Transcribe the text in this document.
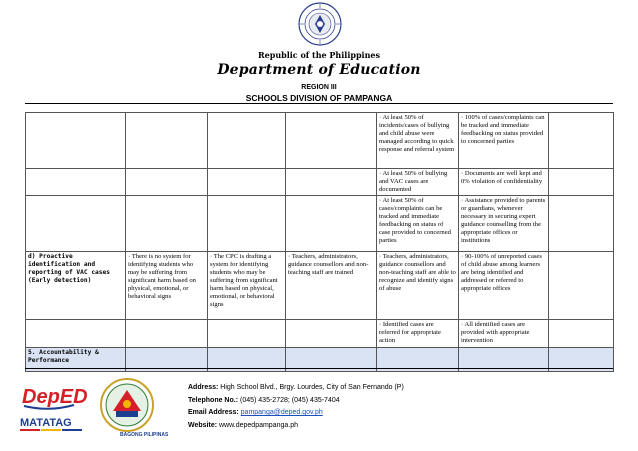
Republic of the Philippines
Department of Education
REGION III
SCHOOLS DIVISION OF PAMPANGA
				· At least 50% of incidents/cases of bullying and child abuse were managed according to quick response and referral system	· 100% of cases/complaints can be tracked and immediate feedbacking on status provided to concerned parties	
				· At least 50% of bullying and VAC cases are documented	· Documents are well kept and 0% violation of confidentiality	
				· At least 50% of cases/complaints can be tracked and immediate feedbacking on status of case provided to concerned parties	· Assistance provided to parents or guardians, whenever necessary in securing expert guidance counselling from the appropriate offices or institutions	
d) Proactive identification and reporting of VAC cases (Early detection)	· There is no system for identifying students who may be suffering from significant harm based on physical, emotional, or behavioral signs	· The CPC is drafting a system for identifying students who may be suffering from significant harm based on physical, emotional, or behavioral signs	· Teachers, administrators, guidance counsellors and non-teaching staff are trained	· Teachers, administrators, guidance counsellors and non-teaching staff are able to recognize and identify signs of abuse	· 90-100% of unreported cases of child abuse among learners are being identified and addressed or referred to appropriate offices	
				· Identified cases are referred for appropriate action	· All identified cases are provided with appropriate intervention	
5. Accountability & Performance						
DepED
MATATAG
BAGONG PILIPINAS
Address: High School Blvd., Brgy. Lourdes, City of San Fernando (P)
Telephone No.: (045) 435-2728; (045) 435-7404
Email Address: pampanga@deped.gov.ph
Website: www.depedpampanga.ph
